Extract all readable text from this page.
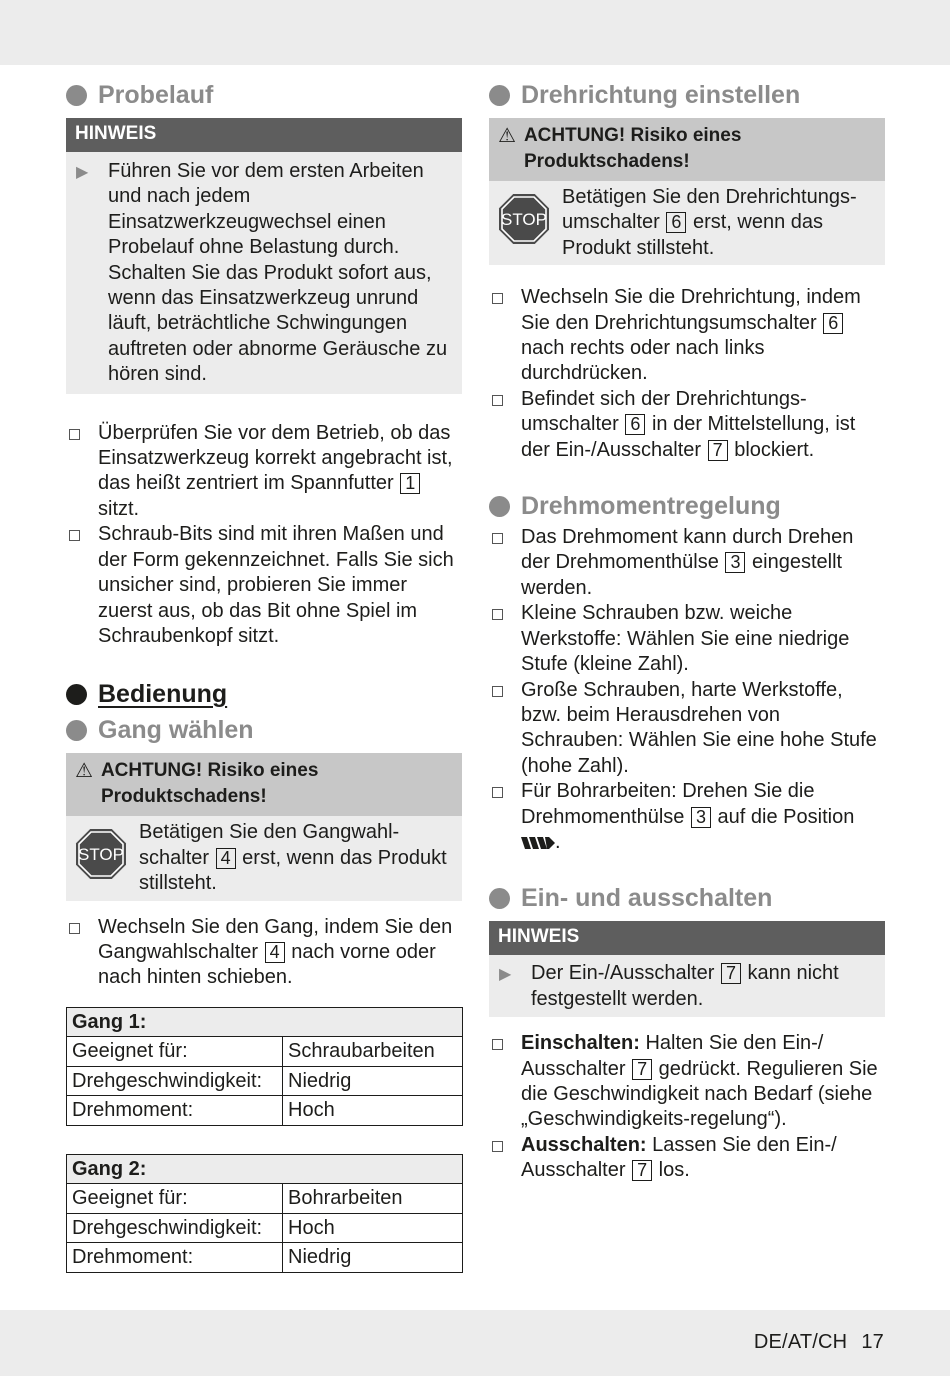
Probelauf
HINWEIS
▶ Führen Sie vor dem ersten Arbeiten und nach jedem Einsatzwerkzeugwechsel einen Probelauf ohne Belastung durch. Schalten Sie das Produkt sofort aus, wenn das Einsatzwerkzeug unrund läuft, beträchtliche Schwingungen auftreten oder abnorme Geräusche zu hören sind.
Überprüfen Sie vor dem Betrieb, ob das Einsatzwerkzeug korrekt angebracht ist, das heißt zentriert im Spannfutter 1 sitzt.
Schraub-Bits sind mit ihren Maßen und der Form gekennzeichnet. Falls Sie sich unsicher sind, probieren Sie immer zuerst aus, ob das Bit ohne Spiel im Schraubenkopf sitzt.
Bedienung
Gang wählen
⚠ ACHTUNG! Risiko eines Produktschadens!
STOP
Betätigen Sie den Gangwahl-schalter 4 erst, wenn das Produkt stillsteht.
Wechseln Sie den Gang, indem Sie den Gangwahlschalter 4 nach vorne oder nach hinten schieben.
Gang 1:	
Geeignet für:	Schraubarbeiten
Drehgeschwindigkeit:	Niedrig
Drehmoment:	Hoch
Gang 2:	
Geeignet für:	Bohrarbeiten
Drehgeschwindigkeit:	Hoch
Drehmoment:	Niedrig
Drehrichtung einstellen
⚠ ACHTUNG! Risiko eines Produktschadens!
STOP
Betätigen Sie den Drehrichtungs-umschalter 6 erst, wenn das Produkt stillsteht.
Wechseln Sie die Drehrichtung, indem Sie den Drehrichtungsumschalter 6 nach rechts oder nach links durchdrücken.
Befindet sich der Drehrichtungs-umschalter 6 in der Mittelstellung, ist der Ein-/Ausschalter 7 blockiert.
Drehmomentregelung
Das Drehmoment kann durch Drehen der Drehmomenthülse 3 eingestellt werden.
Kleine Schrauben bzw. weiche Werkstoffe: Wählen Sie eine niedrige Stufe (kleine Zahl).
Große Schrauben, harte Werkstoffe, bzw. beim Herausdrehen von Schrauben: Wählen Sie eine hohe Stufe (hohe Zahl).
Für Bohrarbeiten: Drehen Sie die Drehmomenthülse 3 auf die Position
.
Ein- und ausschalten
HINWEIS
▶ Der Ein-/Ausschalter 7 kann nicht festgestellt werden.
Einschalten: Halten Sie den Ein-/ Ausschalter 7 gedrückt. Regulieren Sie die Geschwindigkeit nach Bedarf (siehe „Geschwindigkeits-regelung“).
Ausschalten: Lassen Sie den Ein-/ Ausschalter 7 los.
DE/AT/CH 17
